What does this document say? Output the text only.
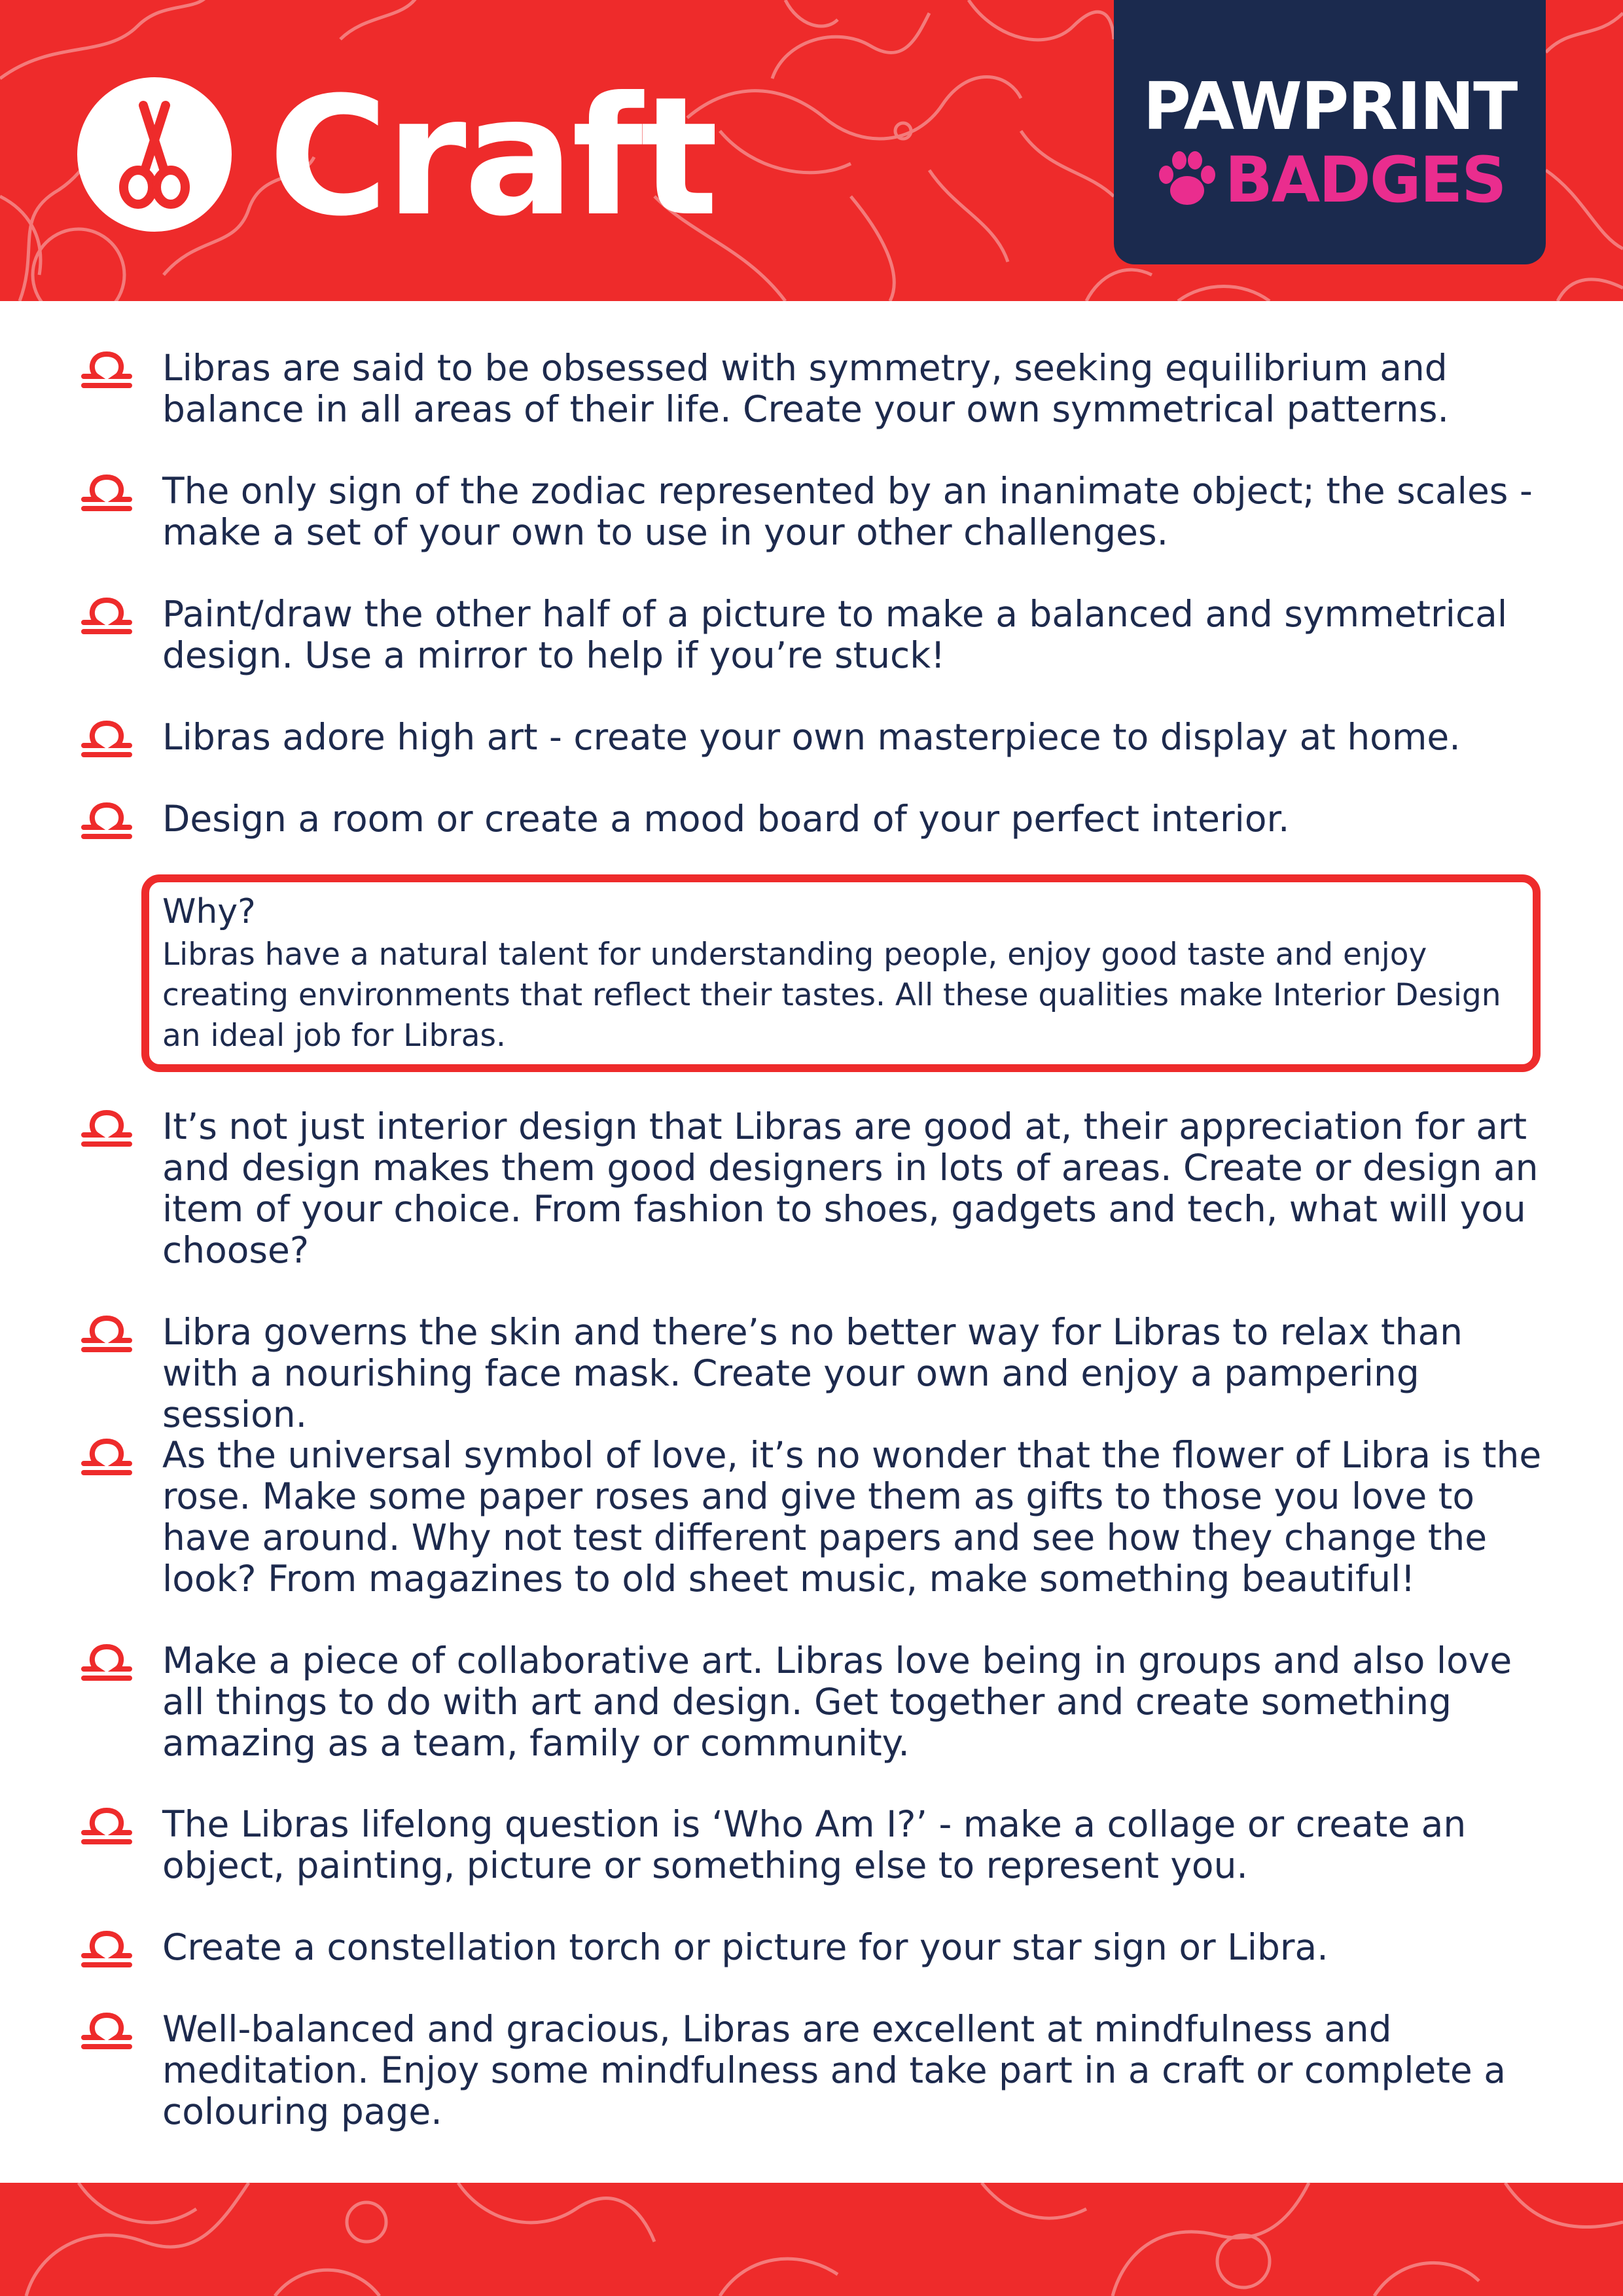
Craft	PAWPRINT
BADGES
Libras are said to be obsessed with symmetry, seeking equilibrium and balance in all areas of their life. Create your own symmetrical patterns.
The only sign of the zodiac represented by an inanimate object; the scales - make a set of your own to use in your other challenges.
Paint/draw the other half of a picture to make a balanced and symmetrical design. Use a mirror to help if you’re stuck!
Libras adore high art - create your own masterpiece to display at home.
Design a room or create a mood board of your perfect interior.
Why?
Libras have a natural talent for understanding people, enjoy good taste and enjoy creating environments that reflect their tastes. All these qualities make Interior Design an ideal job for Libras.
It’s not just interior design that Libras are good at, their appreciation for art and design makes them good designers in lots of areas. Create or design an item of your choice. From fashion to shoes, gadgets and tech, what will you choose?
Libra governs the skin and there’s no better way for Libras to relax than with a nourishing face mask. Create your own and enjoy a pampering session.
As the universal symbol of love, it’s no wonder that the flower of Libra is the rose. Make some paper roses and give them as gifts to those you love to have around. Why not test different papers and see how they change the look? From magazines to old sheet music, make something beautiful!
Make a piece of collaborative art. Libras love being in groups and also love all things to do with art and design. Get together and create something amazing as a team, family or community.
The Libras lifelong question is ‘Who Am I?’ - make a collage or create an object, painting, picture or something else to represent you.
Create a constellation torch or picture for your star sign or Libra.
Well-balanced and gracious, Libras are excellent at mindfulness and meditation. Enjoy some mindfulness and take part in a craft or complete a colouring page.
